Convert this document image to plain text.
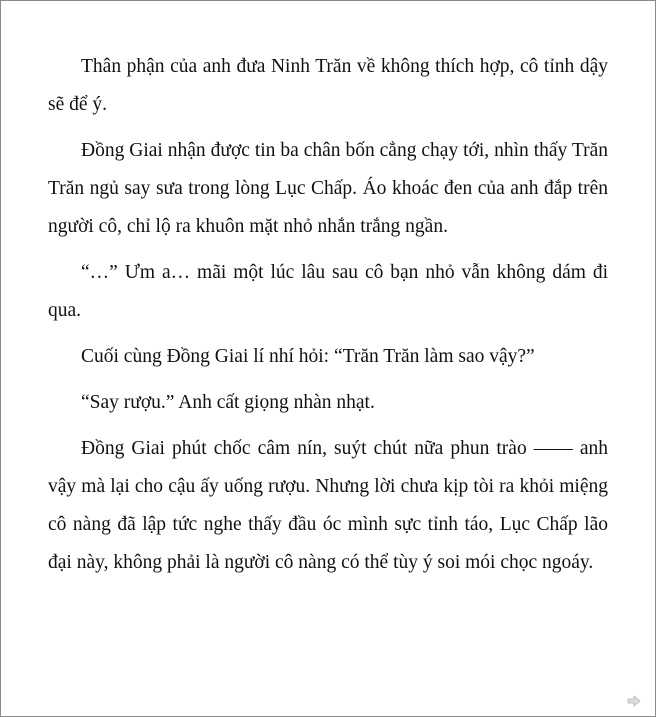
Thân phận của anh đưa Ninh Trăn về không thích hợp, cô tỉnh dậy sẽ để ý.

Đồng Giai nhận được tin ba chân bốn cẳng chạy tới, nhìn thấy Trăn Trăn ngủ say sưa trong lòng Lục Chấp. Áo khoác đen của anh đắp trên người cô, chỉ lộ ra khuôn mặt nhỏ nhắn trắng ngần.

“…” Ưm a… mãi một lúc lâu sau cô bạn nhỏ vẫn không dám đi qua.

Cuối cùng Đồng Giai lí nhí hỏi: “Trăn Trăn làm sao vậy?”

“Say rượu.” Anh cất giọng nhàn nhạt.

Đồng Giai phút chốc câm nín, suýt chút nữa phun trào —— anh vậy mà lại cho cậu ấy uống rượu. Nhưng lời chưa kịp tòi ra khỏi miệng cô nàng đã lập tức nghe thấy đầu óc mình sực tỉnh táo, Lục Chấp lão đại này, không phải là người cô nàng có thể tùy ý soi mói chọc ngoáy.
